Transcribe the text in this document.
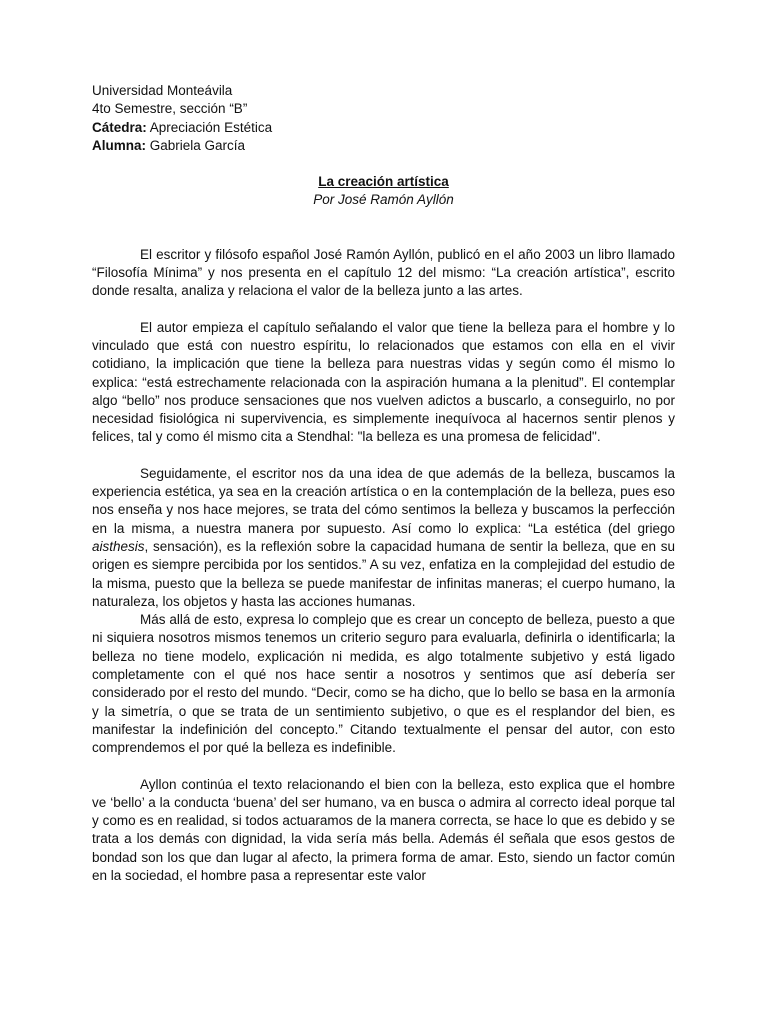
Universidad Monteávila

4to Semestre, sección “B”

Cátedra: Apreciación Estética

Alumna: Gabriela García

La creación artística

Por José Ramón Ayllón

El escritor y filósofo español José Ramón Ayllón, publicó en el año 2003 un libro llamado “Filosofía Mínima” y nos presenta en el capítulo 12 del mismo: “La creación artística”, escrito donde resalta, analiza y relaciona el valor de la belleza junto a las artes.

El autor empieza el capítulo señalando el valor que tiene la belleza para el hombre y lo vinculado que está con nuestro espíritu, lo relacionados que estamos con ella en el vivir cotidiano, la implicación que tiene la belleza para nuestras vidas y según como él mismo lo explica: “está estrechamente relacionada con la aspiración humana a la plenitud”. El contemplar algo “bello” nos produce sensaciones que nos vuelven adictos a buscarlo, a conseguirlo, no por necesidad fisiológica ni supervivencia, es simplemente inequívoca al hacernos sentir plenos y felices, tal y como él mismo cita a Stendhal: "la belleza es una promesa de felicidad".

Seguidamente, el escritor nos da una idea de que además de la belleza, buscamos la experiencia estética, ya sea en la creación artística o en la contemplación de la belleza, pues eso nos enseña y nos hace mejores, se trata del cómo sentimos la belleza y buscamos la perfección en la misma, a nuestra manera por supuesto. Así como lo explica: “La estética (del griego aisthesis, sensación), es la reflexión sobre la capacidad humana de sentir la belleza, que en su origen es siempre percibida por los sentidos.” A su vez, enfatiza en la complejidad del estudio de la misma, puesto que la belleza se puede manifestar de infinitas maneras; el cuerpo humano, la naturaleza, los objetos y hasta las acciones humanas.

Más allá de esto, expresa lo complejo que es crear un concepto de belleza, puesto a que ni siquiera nosotros mismos tenemos un criterio seguro para evaluarla, definirla o identificarla; la belleza no tiene modelo, explicación ni medida, es algo totalmente subjetivo y está ligado completamente con el qué nos hace sentir a nosotros y sentimos que así debería ser considerado por el resto del mundo. “Decir, como se ha dicho, que lo bello se basa en la armonía y la simetría, o que se trata de un sentimiento subjetivo, o que es el resplandor del bien, es manifestar la indefinición del concepto.” Citando textualmente el pensar del autor, con esto comprendemos el por qué la belleza es indefinible.

Ayllon continúa el texto relacionando el bien con la belleza, esto explica que el hombre ve ‘bello’ a la conducta ‘buena’ del ser humano, va en busca o admira al correcto ideal porque tal y como es en realidad, si todos actuaramos de la manera correcta, se hace lo que es debido y se trata a los demás con dignidad, la vida sería más bella. Además él señala que esos gestos de bondad son los que dan lugar al afecto, la primera forma de amar. Esto, siendo un factor común en la sociedad, el hombre pasa a representar este valor
